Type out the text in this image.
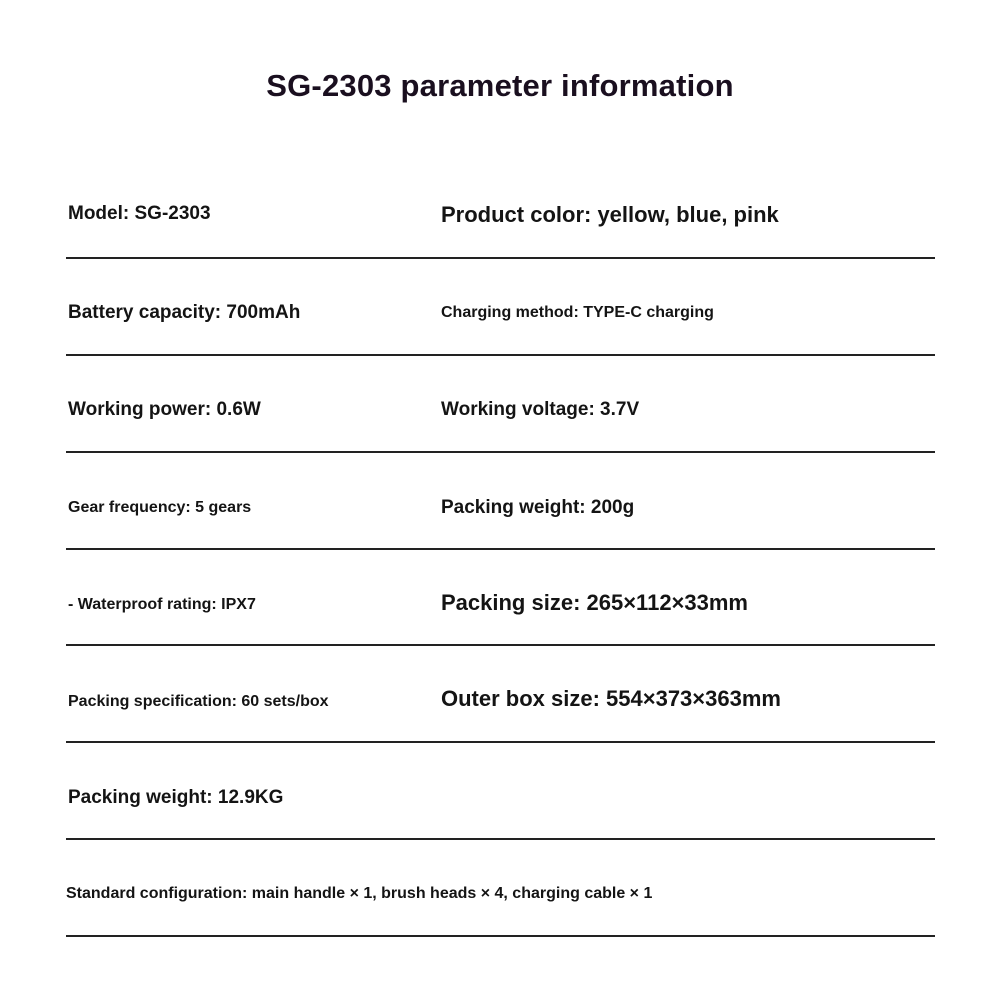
SG-2303 parameter information
Model: SG-2303	Product color: yellow, blue, pink
Battery capacity: 700mAh	Charging method: TYPE-C charging
Working power: 0.6W	Working voltage: 3.7V
Gear frequency: 5 gears	Packing weight: 200g
- Waterproof rating: IPX7	Packing size: 265×112×33mm
Packing specification: 60 sets/box	Outer box size: 554×373×363mm
Packing weight: 12.9KG
Standard configuration: main handle × 1, brush heads × 4, charging cable × 1
